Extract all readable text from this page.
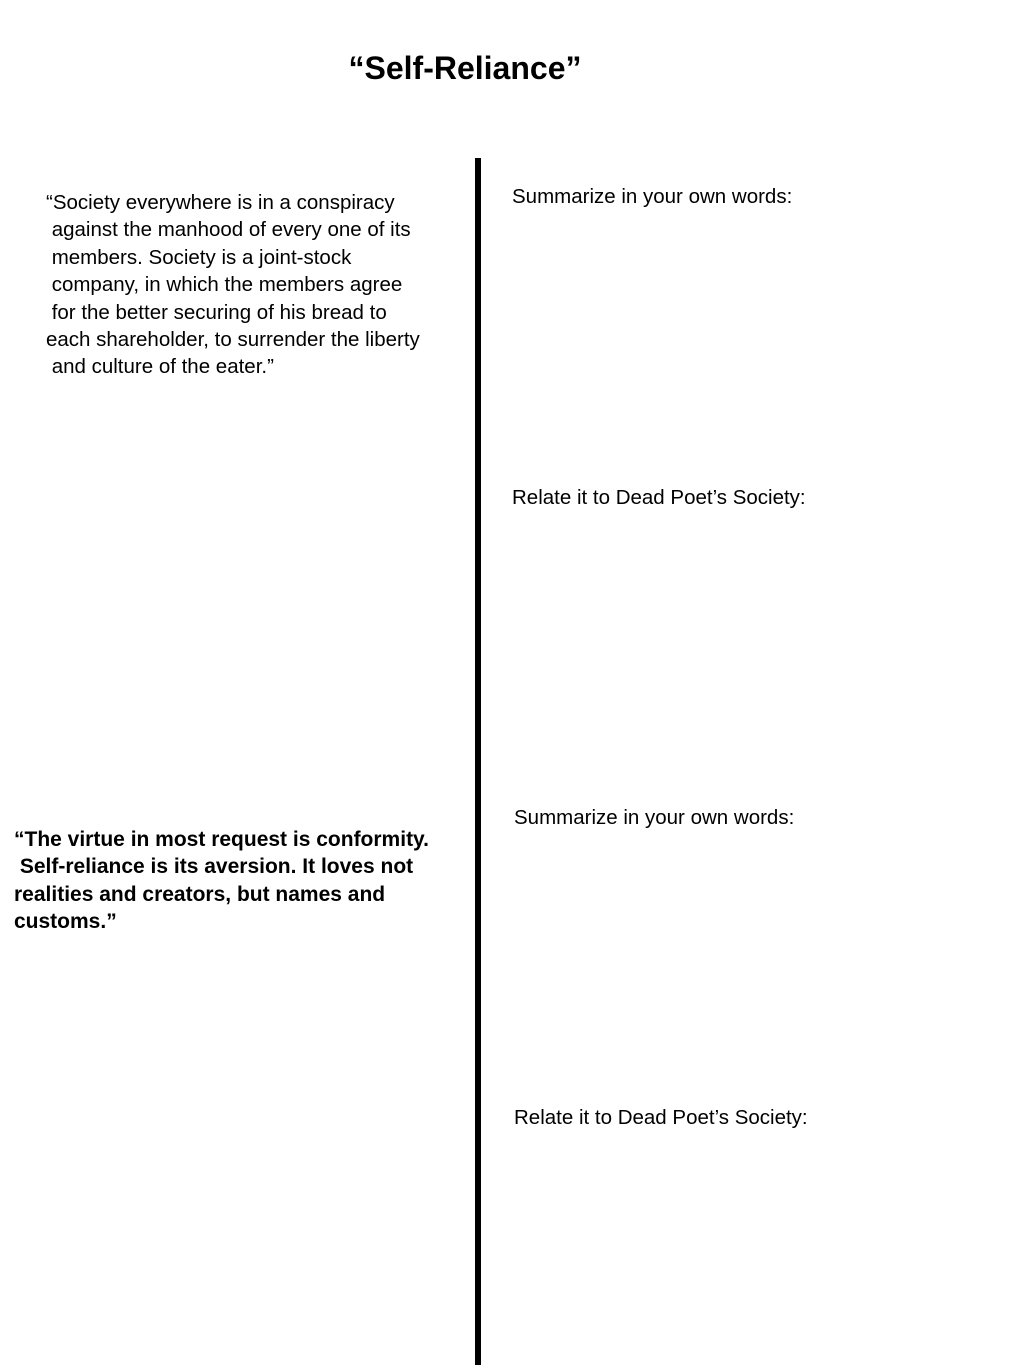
“Self-Reliance”
“Society everywhere is in a conspiracy
against the manhood of every one of its
members. Society is a joint-stock
company, in which the members agree
for the better securing of his bread to
each shareholder, to surrender the liberty
and culture of the eater.”
“The virtue in most request is conformity.
Self-reliance is its aversion. It loves not
realities and creators, but names and
customs.”
Summarize in your own words:
Relate it to Dead Poet’s Society:
Summarize in your own words:
Relate it to Dead Poet’s Society:
